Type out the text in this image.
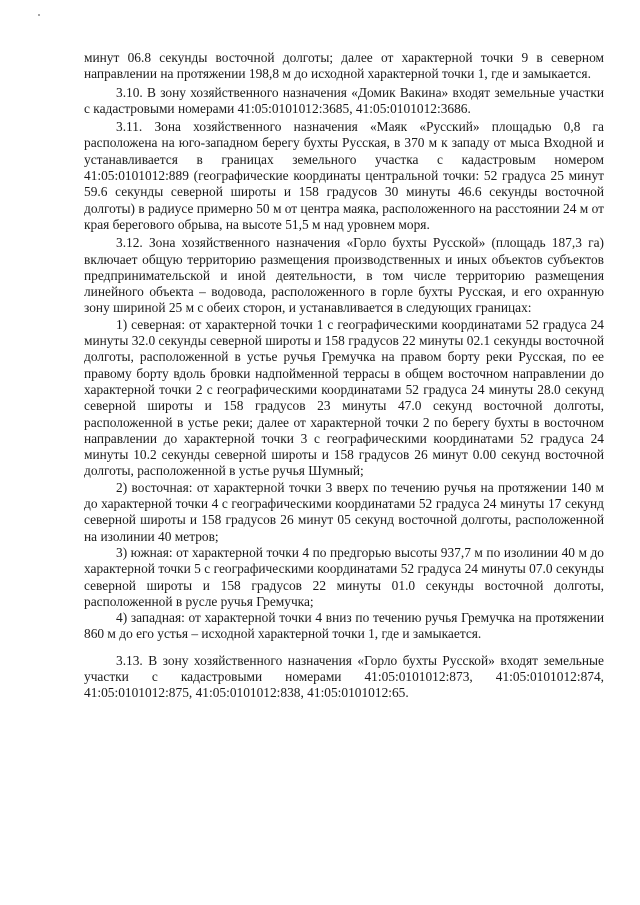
минут 06.8 секунды восточной долготы; далее от характерной точки 9 в северном направлении на протяжении 198,8 м до исходной характерной точки 1, где и замыкается.

3.10. В зону хозяйственного назначения «Домик Вакина» входят земельные участки с кадастровыми номерами 41:05:0101012:3685, 41:05:0101012:3686.

3.11. Зона хозяйственного назначения «Маяк «Русский» площадью 0,8 га расположена на юго-западном берегу бухты Русская, в 370 м к западу от мыса Входной и устанавливается в границах земельного участка с кадастровым номером 41:05:0101012:889 (географические координаты центральной точки: 52 градуса 25 минут 59.6 секунды северной широты и 158 градусов 30 минуты 46.6 секунды восточной долготы) в радиусе примерно 50 м от центра маяка, расположенного на расстоянии 24 м от края берегового обрыва, на высоте 51,5 м над уровнем моря.

3.12. Зона хозяйственного назначения «Горло бухты Русской» (площадь 187,3 га) включает общую территорию размещения производственных и иных объектов субъектов предпринимательской и иной деятельности, в том числе территорию размещения линейного объекта – водовода, расположенного в горле бухты Русская, и его охранную зону шириной 25 м с обеих сторон, и устанавливается в следующих границах:

1) северная: от характерной точки 1 с географическими координатами 52 градуса 24 минуты 32.0 секунды северной широты и 158 градусов 22 минуты 02.1 секунды восточной долготы, расположенной в устье ручья Гремучка на правом борту реки Русская, по ее правому борту вдоль бровки надпойменной террасы в общем восточном направлении до характерной точки 2 с географическими координатами 52 градуса 24 минуты 28.0 секунд северной широты и 158 градусов 23 минуты 47.0 секунд восточной долготы, расположенной в устье реки; далее от характерной точки 2 по берегу бухты в восточном направлении до характерной точки 3 с географическими координатами 52 градуса 24 минуты 10.2 секунды северной широты и 158 градусов 26 минут 0.00 секунд восточной долготы, расположенной в устье ручья Шумный;

2) восточная: от характерной точки 3 вверх по течению ручья на протяжении 140 м до характерной точки 4 с географическими координатами 52 градуса 24 минуты 17 секунд северной широты и 158 градусов 26 минут 05 секунд восточной долготы, расположенной на изолинии 40 метров;

3) южная: от характерной точки 4 по предгорью высоты 937,7 м по изолинии 40 м до характерной точки 5 с географическими координатами 52 градуса 24 минуты 07.0 секунды северной широты и 158 градусов 22 минуты 01.0 секунды восточной долготы, расположенной в русле ручья Гремучка;

4) западная: от характерной точки 4 вниз по течению ручья Гремучка на протяжении 860 м до его устья – исходной характерной точки 1, где и замыкается.

3.13. В зону хозяйственного назначения «Горло бухты Русской» входят земельные участки с кадастровыми номерами 41:05:0101012:873, 41:05:0101012:874, 41:05:0101012:875, 41:05:0101012:838, 41:05:0101012:65.
